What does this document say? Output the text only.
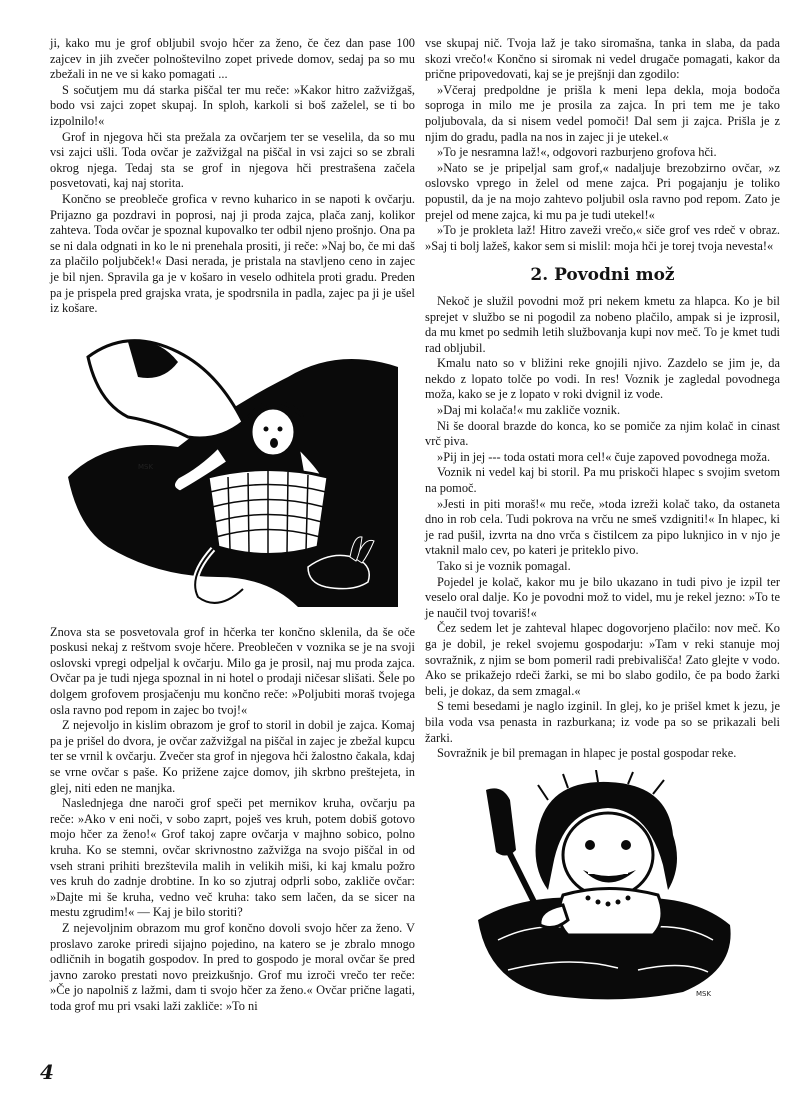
ji, kako mu je grof obljubil svojo hčer za ženo, če čez dan pase 100 zajcev in jih zvečer polnoštevilno zopet privede domov, sedaj pa so mu zbežali in ne ve si kako pomagati ...

S sočutjem mu dá starka piščal ter mu reče: »Kakor hitro zažvižgaš, bodo vsi zajci zopet skupaj. In sploh, karkoli si boš zaželel, se ti bo izpolnilo!«

Grof in njegova hči sta prežala za ovčarjem ter se veselila, da so mu vsi zajci ušli. Toda ovčar je zažvižgal na piščal in vsi zajci so se zbrali okrog njega. Tedaj sta se grof in njegova hči prestrašena začela posvetovati, kaj naj storita.

Končno se preobleče grofica v revno kuharico in se napoti k ovčarju. Prijazno ga pozdravi in poprosi, naj ji proda zajca, plača zanj, kolikor zahteva. Toda ovčar je spoznal kupovalko ter odbil njeno prošnjo. Ona pa se ni dala odgnati in ko le ni prenehala prositi, ji reče: »Naj bo, če mi daš za plačilo poljubček!« Dasi nerada, je pristala na stavljeno ceno in zajec je bil njen. Spravila ga je v košaro in veselo odhitela proti gradu. Preden pa je prispela pred grajska vrata, je spodrsnila in padla, zajec pa ji je ušel iz košare.

MSK

Znova sta se posvetovala grof in hčerka ter končno sklenila, da še oče poskusi nekaj z reštvom svoje hčere. Preoblečen v voznika se je na svoji oslovski vpregi odpeljal k ovčarju. Milo ga je prosil, naj mu proda zajca. Ovčar pa je tudi njega spoznal in ni hotel o prodaji ničesar slišati. Šele po dolgem grofovem prosjačenju mu končno reče: »Poljubiti moraš tvojega osla ravno pod repom in zajec bo tvoj!«

Z nejevoljo in kislim obrazom je grof to storil in dobil je zajca. Komaj pa je prišel do dvora, je ovčar zažvižgal na piščal in zajec je zbežal kupcu ter se vrnil k ovčarju. Zvečer sta grof in njegova hči žalostno čakala, kdaj se vrne ovčar s paše. Ko priženе zajce domov, jih skrbno preštejeta, in glej, niti eden ne manjka.

Naslednjega dne naroči grof speči pet mernikov kruha, ovčarju pa reče: »Ako v eni noči, v sobo zaprt, poješ ves kruh, potem dobiš gotovo mojo hčer za ženo!« Grof takoj zapre ovčarja v majhno sobico, polno kruha. Ko se stemni, ovčar skrivnostno zažvižga na svojo piščal in od vseh strani prihiti brezštevila malih in velikih miši, ki kaj kmalu požro ves kruh do zadnje drobtine. In ko so zjutraj odprli sobo, zakliče ovčar: »Dajte mi še kruha, vedno več kruha: tako sem lačen, da se sicer na mestu zgrudim!« — Kaj je bilo storiti?

Z nejevoljnim obrazom mu grof končno dovoli svojo hčer za ženo. V proslavo zaroke priredi sijajno pojedino, na katero se je zbralo mnogo odličnih in bogatih gospodov. In pred to gospodo je moral ovčar še pred javno zaroko prestati novo preizkušnjo. Grof mu izroči vrečo ter reče: »Če jo napolniš z lažmi, dam ti svojo hčer za ženo.« Ovčar prične lagati, toda grof mu pri vsaki laži zakliče: »To ni

vse skupaj nič. Tvoja laž je tako siromašna, tanka in slaba, da pada skozi vrečo!« Končno si siromak ni vedel drugače pomagati, kakor da prične pripovedovati, kaj se je prejšnji dan zgodilo:

»Včeraj predpoldne je prišla k meni lepa dekla, moja bodoča soproga in milo me je prosila za zajca. In pri tem me je tako poljubovala, da si nisem vedel pomoči! Dal sem ji zajca. Prišla je z njim do gradu, padla na nos in zajec ji je utekel.«

»To je nesramna laž!«, odgovori razburjeno grofova hči.

»Nato se je pripeljal sam grof,« nadaljuje brezobzirno ovčar, »z oslovsko vprego in želel od mene zajca. Pri pogajanju je toliko popustil, da je na mojo zahtevo poljubil osla ravno pod repom. Zato je prejel od mene zajca, ki mu pa je tudi utekel!«

»To je prokleta laž! Hitro zaveži vrečo,« siče grof ves rdeč v obraz. »Saj ti bolj lažeš, kakor sem si mislil: moja hči je torej tvoja nevesta!«

2. Povodni mož

Nekoč je služil povodni mož pri nekem kmetu za hlapca. Ko je bil sprejet v službo se ni pogodil za nobeno plačilo, ampak si je izprosil, da mu kmet po sedmih letih službovanja kupi nov meč. To je kmet tudi rad obljubil.

Kmalu nato so v bližini reke gnojili njivo. Zazdelo se jim je, da nekdo z lopato tolče po vodi. In res! Voznik je zagledal povodnega moža, kako se je z lopato v roki dvignil iz vode.

»Daj mi kolača!« mu zakliče voznik.

Ni še dooral brazde do konca, ko se pomiče za njim kolač in cinast vrč piva.

»Pij in jej --- toda ostati mora cel!« čuje zapoved povodnega moža.

Voznik ni vedel kaj bi storil. Pa mu priskoči hlapec s svojim svetom na pomoč.

»Jesti in piti moraš!« mu reče, »toda izreži kolač tako, da ostaneta dno in rob cela. Tudi pokrova na vrču ne smeš vzdigniti!« In hlapec, ki je rad pušil, izvrta na dno vrča s čistilcem za pipo luknjico in v njo je vtaknil malo cev, po kateri je priteklo pivo.

Tako si je voznik pomagal.

Pojedel je kolač, kakor mu je bilo ukazano in tudi pivo je izpil ter veselo oral dalje. Ko je povodni mož to videl, mu je rekel jezno: »To te je naučil tvoj tovariš!«

Čez sedem let je zahteval hlapec dogovorjeno plačilo: nov meč. Ko ga je dobil, je rekel svojemu gospodarju: »Tam v reki stanuje moj sovražnik, z njim se bom pomeril radi prebivališča! Zato glejte v vodo. Ako se prikažejo rdeči žarki, se mi bo slabo godilo, če pa bodo žarki beli, je dokaz, da sem zmagal.«

S temi besedami je naglo izginil. In glej, ko je prišel kmet k jezu, je bila voda vsa penasta in razburkana; iz vode pa so se prikazali beli žarki.

Sovražnik je bil premagan in hlapec je postal gospodar reke.

MSK
4
